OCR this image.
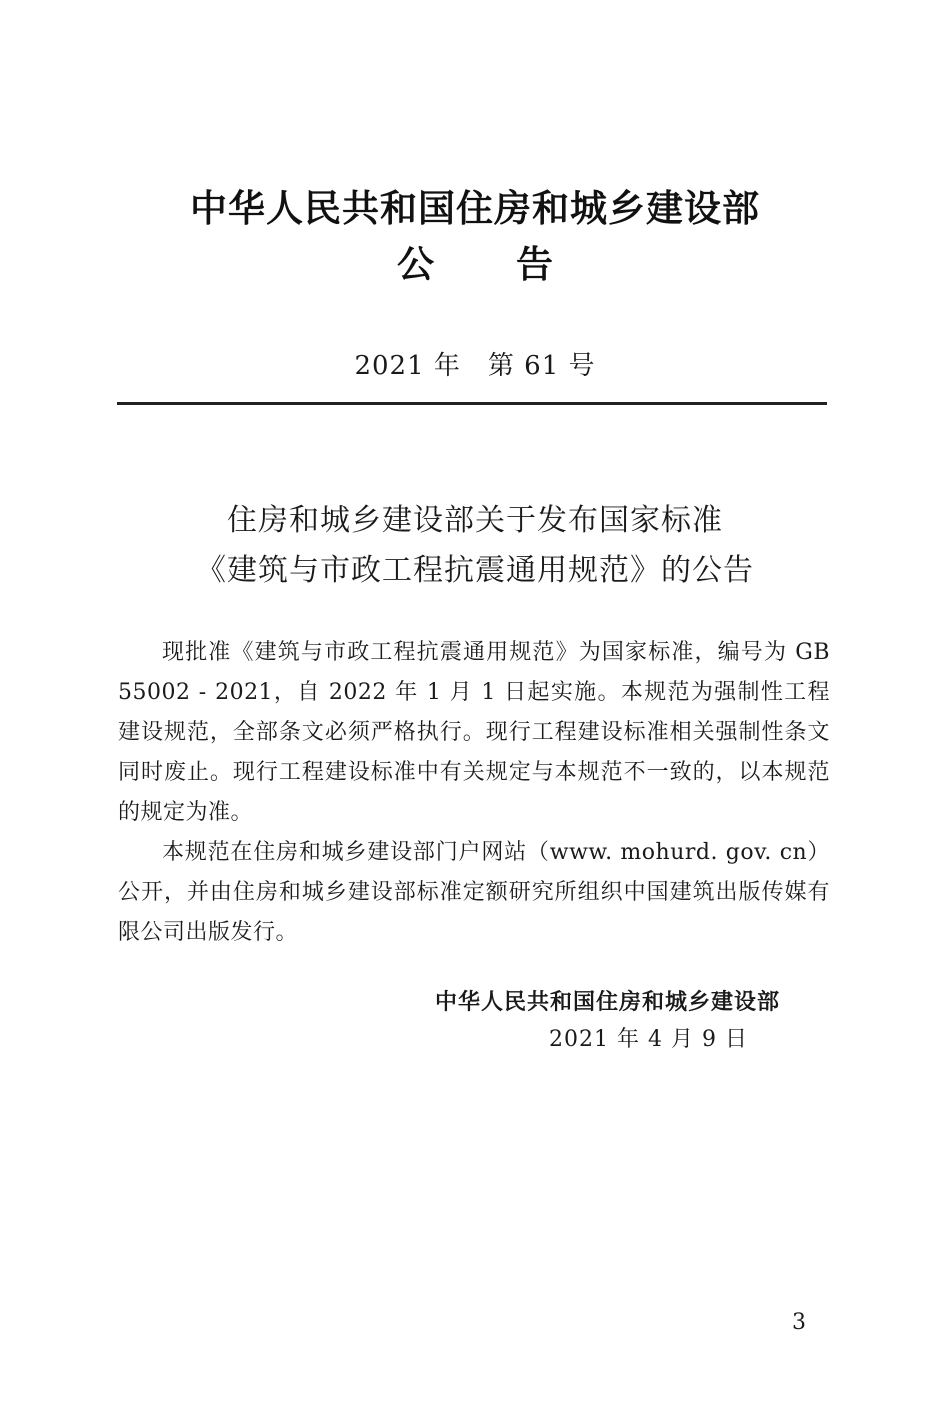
中华人民共和国住房和城乡建设部
公告
2021 年　第 61 号
住房和城乡建设部关于发布国家标准
《建筑与市政工程抗震通用规范》的公告

现批准《建筑与市政工程抗震通用规范》为国家标准，编号为 GB 55002 - 2021，自 2022 年 1 月 1 日起实施。本规范为强制性工程建设规范，全部条文必须严格执行。现行工程建设标准相关强制性条文同时废止。现行工程建设标准中有关规定与本规范不一致的，以本规范的规定为准。

本规范在住房和城乡建设部门户网站（www. mohurd. gov. cn）公开，并由住房和城乡建设部标准定额研究所组织中国建筑出版传媒有限公司出版发行。

中华人民共和国住房和城乡建设部
2021 年 4 月 9 日
3
